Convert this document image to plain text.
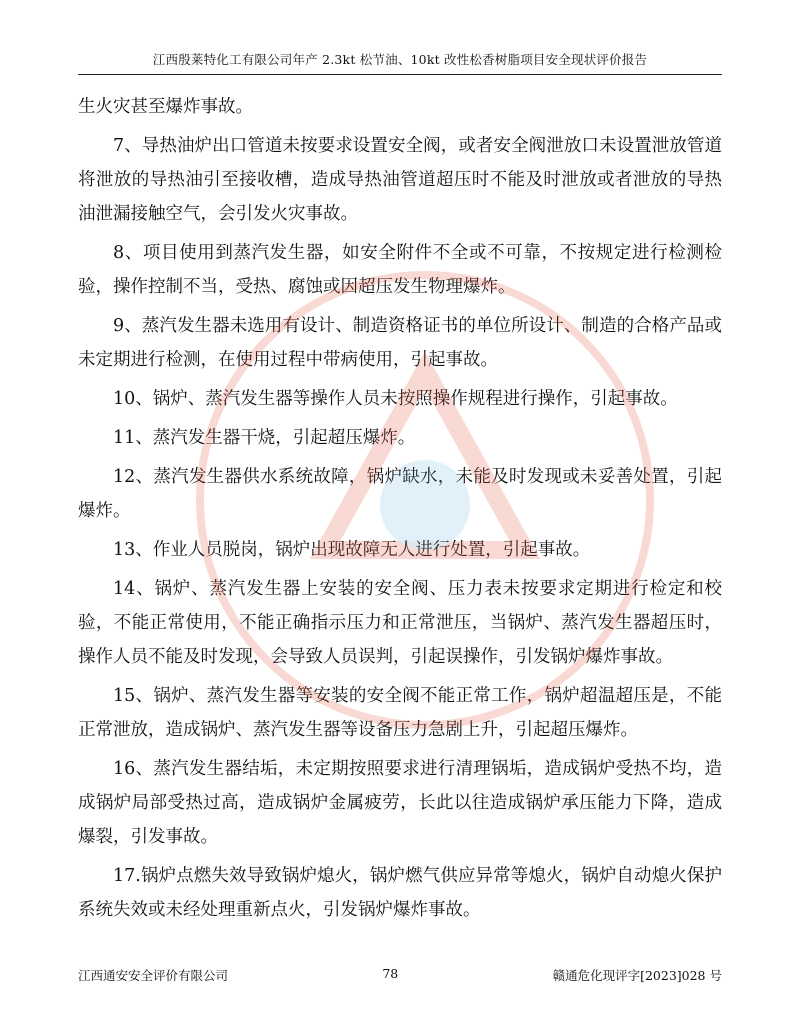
江西殷莱特化工有限公司年产 2.3kt 松节油、10kt 改性松香树脂项目安全现状评价报告

生火灾甚至爆炸事故。

7、导热油炉出口管道未按要求设置安全阀，或者安全阀泄放口未设置泄放管道将泄放的导热油引至接收槽，造成导热油管道超压时不能及时泄放或者泄放的导热油泄漏接触空气，会引发火灾事故。

8、项目使用到蒸汽发生器，如安全附件不全或不可靠，不按规定进行检测检验，操作控制不当，受热、腐蚀或因超压发生物理爆炸。

9、蒸汽发生器未选用有设计、制造资格证书的单位所设计、制造的合格产品或未定期进行检测，在使用过程中带病使用，引起事故。

10、锅炉、蒸汽发生器等操作人员未按照操作规程进行操作，引起事故。

11、蒸汽发生器干烧，引起超压爆炸。

12、蒸汽发生器供水系统故障，锅炉缺水，未能及时发现或未妥善处置，引起爆炸。

13、作业人员脱岗，锅炉出现故障无人进行处置，引起事故。

14、锅炉、蒸汽发生器上安装的安全阀、压力表未按要求定期进行检定和校验，不能正常使用，不能正确指示压力和正常泄压，当锅炉、蒸汽发生器超压时，操作人员不能及时发现，会导致人员误判，引起误操作，引发锅炉爆炸事故。

15、锅炉、蒸汽发生器等安装的安全阀不能正常工作，锅炉超温超压是，不能正常泄放，造成锅炉、蒸汽发生器等设备压力急剧上升，引起超压爆炸。

16、蒸汽发生器结垢，未定期按照要求进行清理锅垢，造成锅炉受热不均，造成锅炉局部受热过高，造成锅炉金属疲劳，长此以往造成锅炉承压能力下降，造成爆裂，引发事故。

17.锅炉点燃失效导致锅炉熄火，锅炉燃气供应异常等熄火，锅炉自动熄火保护系统失效或未经处理重新点火，引发锅炉爆炸事故。

江西通安安全评价有限公司	78	赣通危化现评字[2023]028 号
